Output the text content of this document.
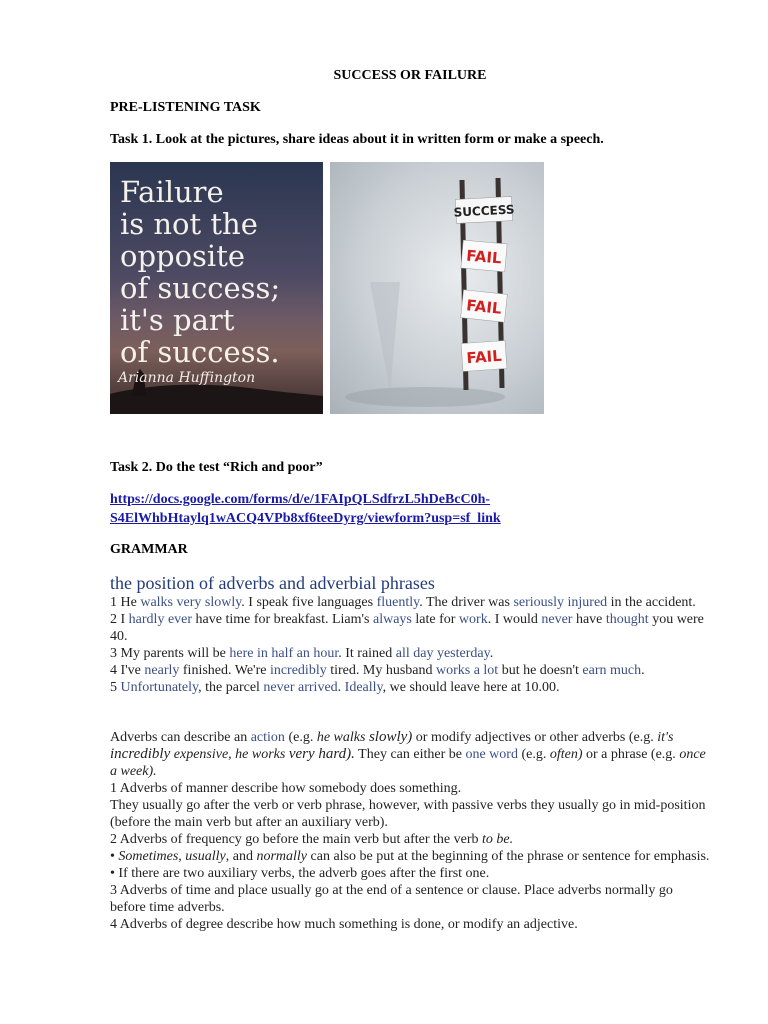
SUCCESS OR FAILURE
PRE-LISTENING TASK
Task 1. Look at the pictures, share ideas about it in written form or make a speech.
Failure
is not the
opposite
of success;
it's part
of success.
Arianna Huffington
SUCCESS
FAIL
FAIL
FAIL
Task 2. Do the test “Rich and poor”
https://docs.google.com/forms/d/e/1FAIpQLSdfrzL5hDeBcC0h-
S4ElWhbHtaylq1wACQ4VPb8xf6teeDyrg/viewform?usp=sf_link
GRAMMAR
the position of adverbs and adverbial phrases
1 He walks very slowly. I speak five languages fluently. The driver was seriously injured in the accident.
2 I hardly ever have time for breakfast. Liam's always late for work. I would never have thought you were 40.
3 My parents will be here in half an hour. It rained all day yesterday.
4 I've nearly finished. We're incredibly tired. My husband works a lot but he doesn't earn much.
5 Unfortunately, the parcel never arrived. Ideally, we should leave here at 10.00.
Adverbs can describe an action (e.g. he walks slowly) or modify adjectives or other adverbs (e.g. it's incredibly expensive, he works very hard). They can either be one word (e.g. often) or a phrase (e.g. once a week).
1 Adverbs of manner describe how somebody does something.
They usually go after the verb or verb phrase, however, with passive verbs they usually go in mid-position (before the main verb but after an auxiliary verb).
2 Adverbs of frequency go before the main verb but after the verb to be.
• Sometimes, usually, and normally can also be put at the beginning of the phrase or sentence for emphasis.
• If there are two auxiliary verbs, the adverb goes after the first one.
3 Adverbs of time and place usually go at the end of a sentence or clause. Place adverbs normally go before time adverbs.
4 Adverbs of degree describe how much something is done, or modify an adjective.
